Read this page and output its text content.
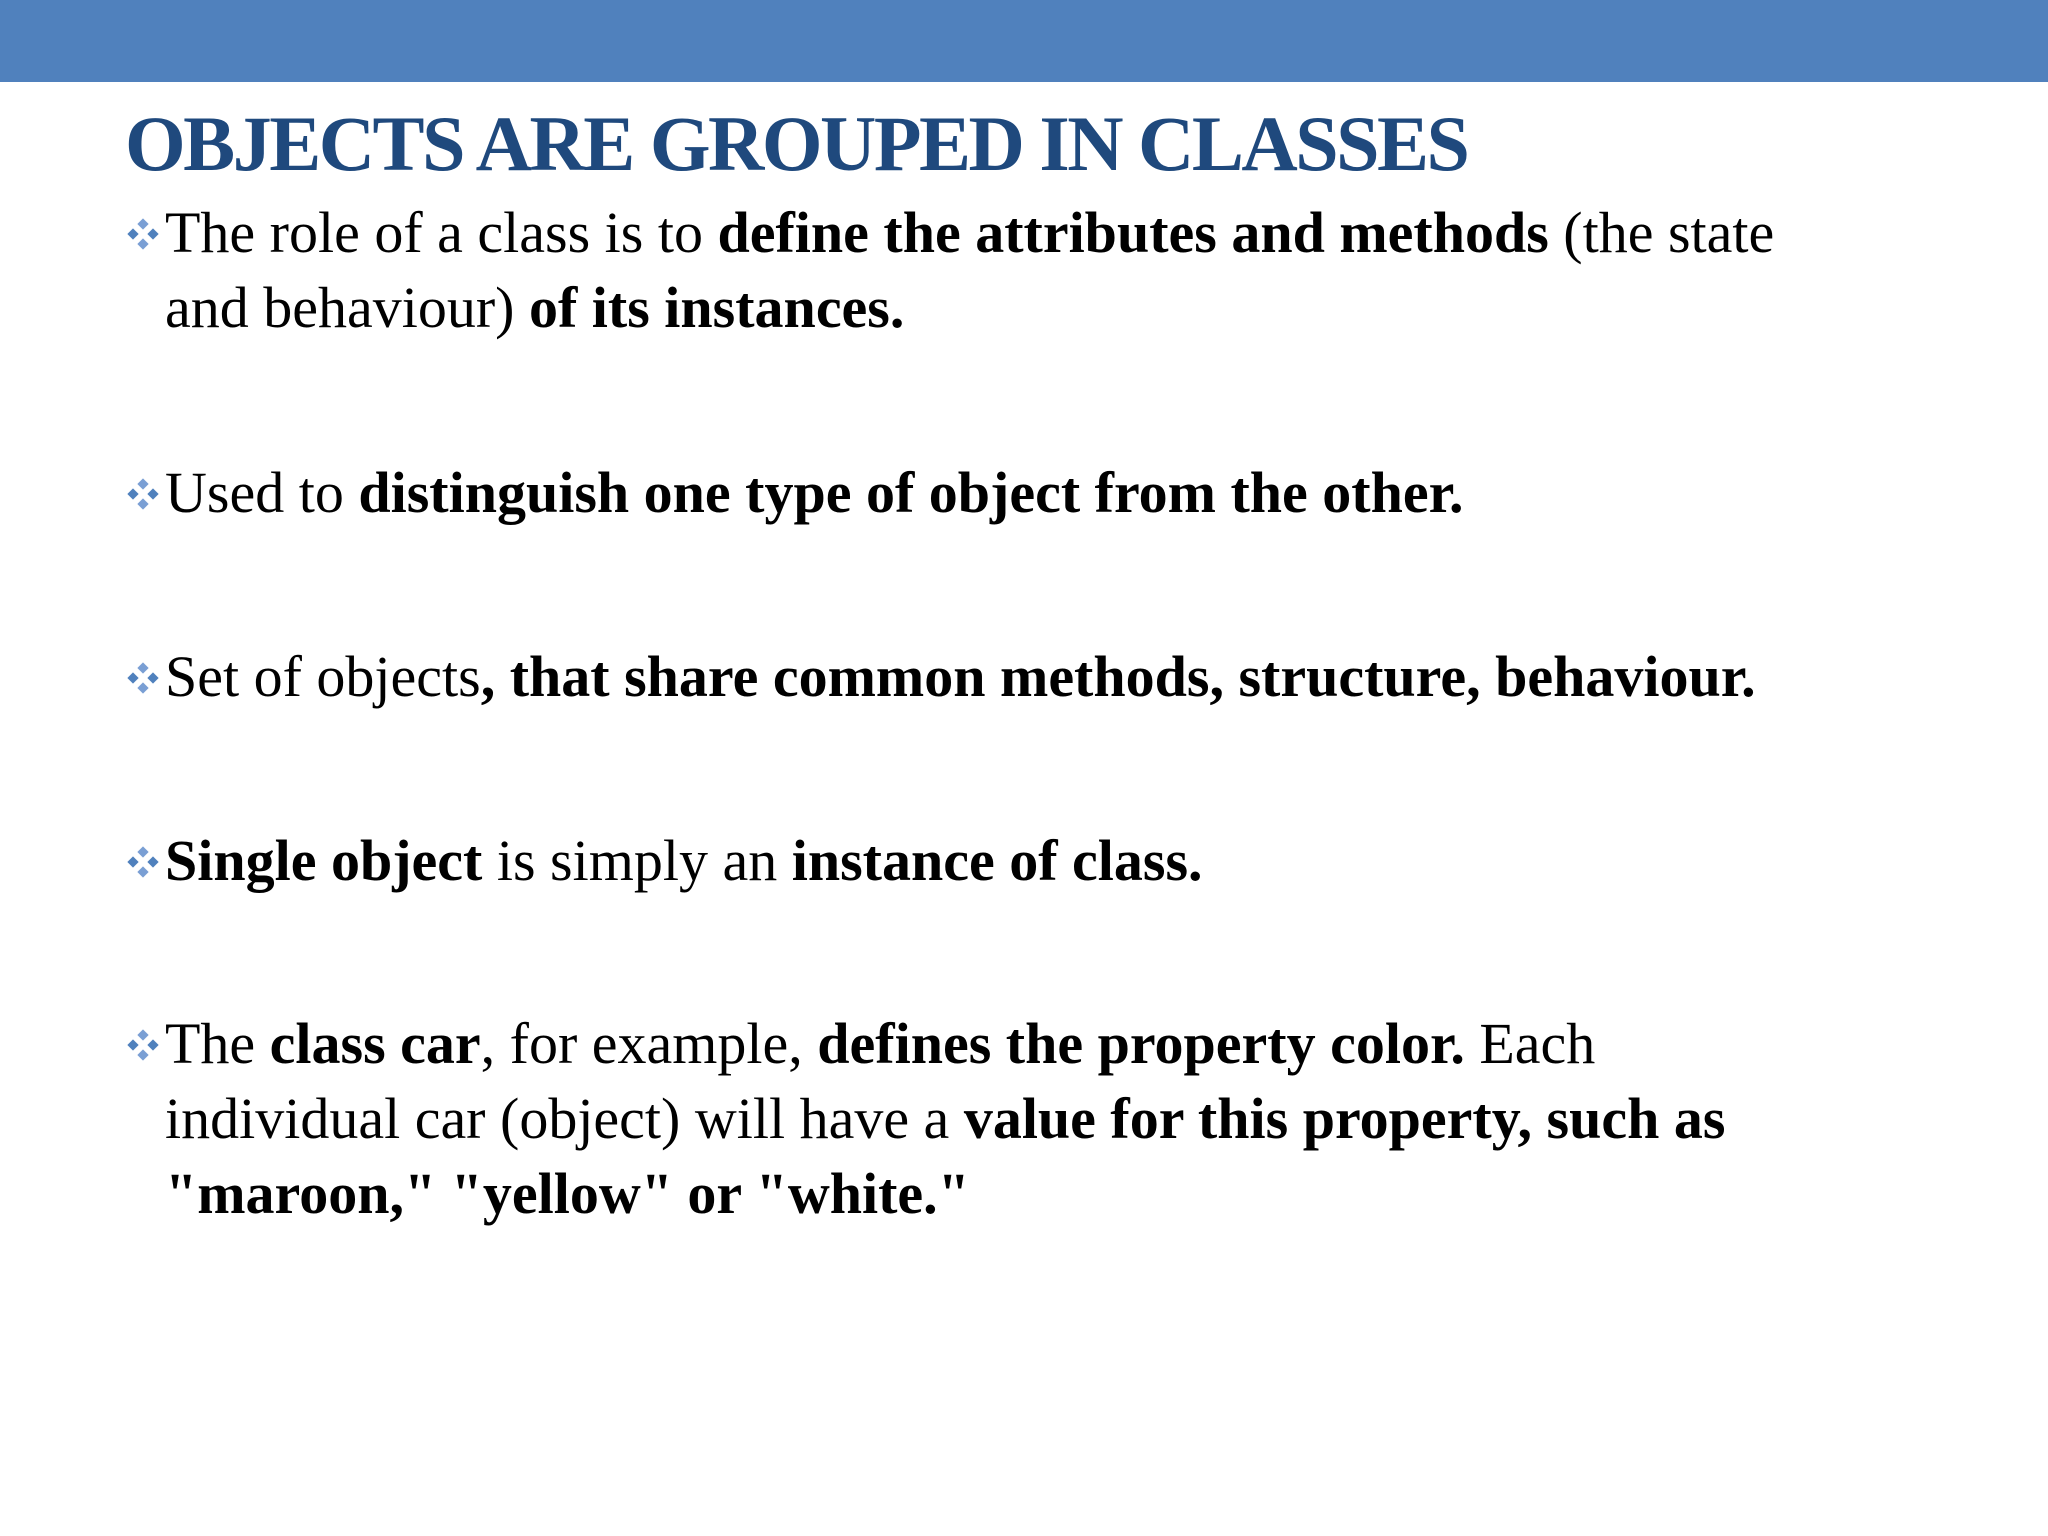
OBJECTS ARE GROUPED IN CLASSES
The role of a class is to define the attributes and methods (the state
and behaviour) of its instances.
Used to distinguish one type of object from the other.
Set of objects, that share common methods, structure, behaviour.
Single object is simply an instance of class.
The class car, for example, defines the property color. Each
individual car (object) will have a value for this property, such as
"maroon," "yellow" or "white."
